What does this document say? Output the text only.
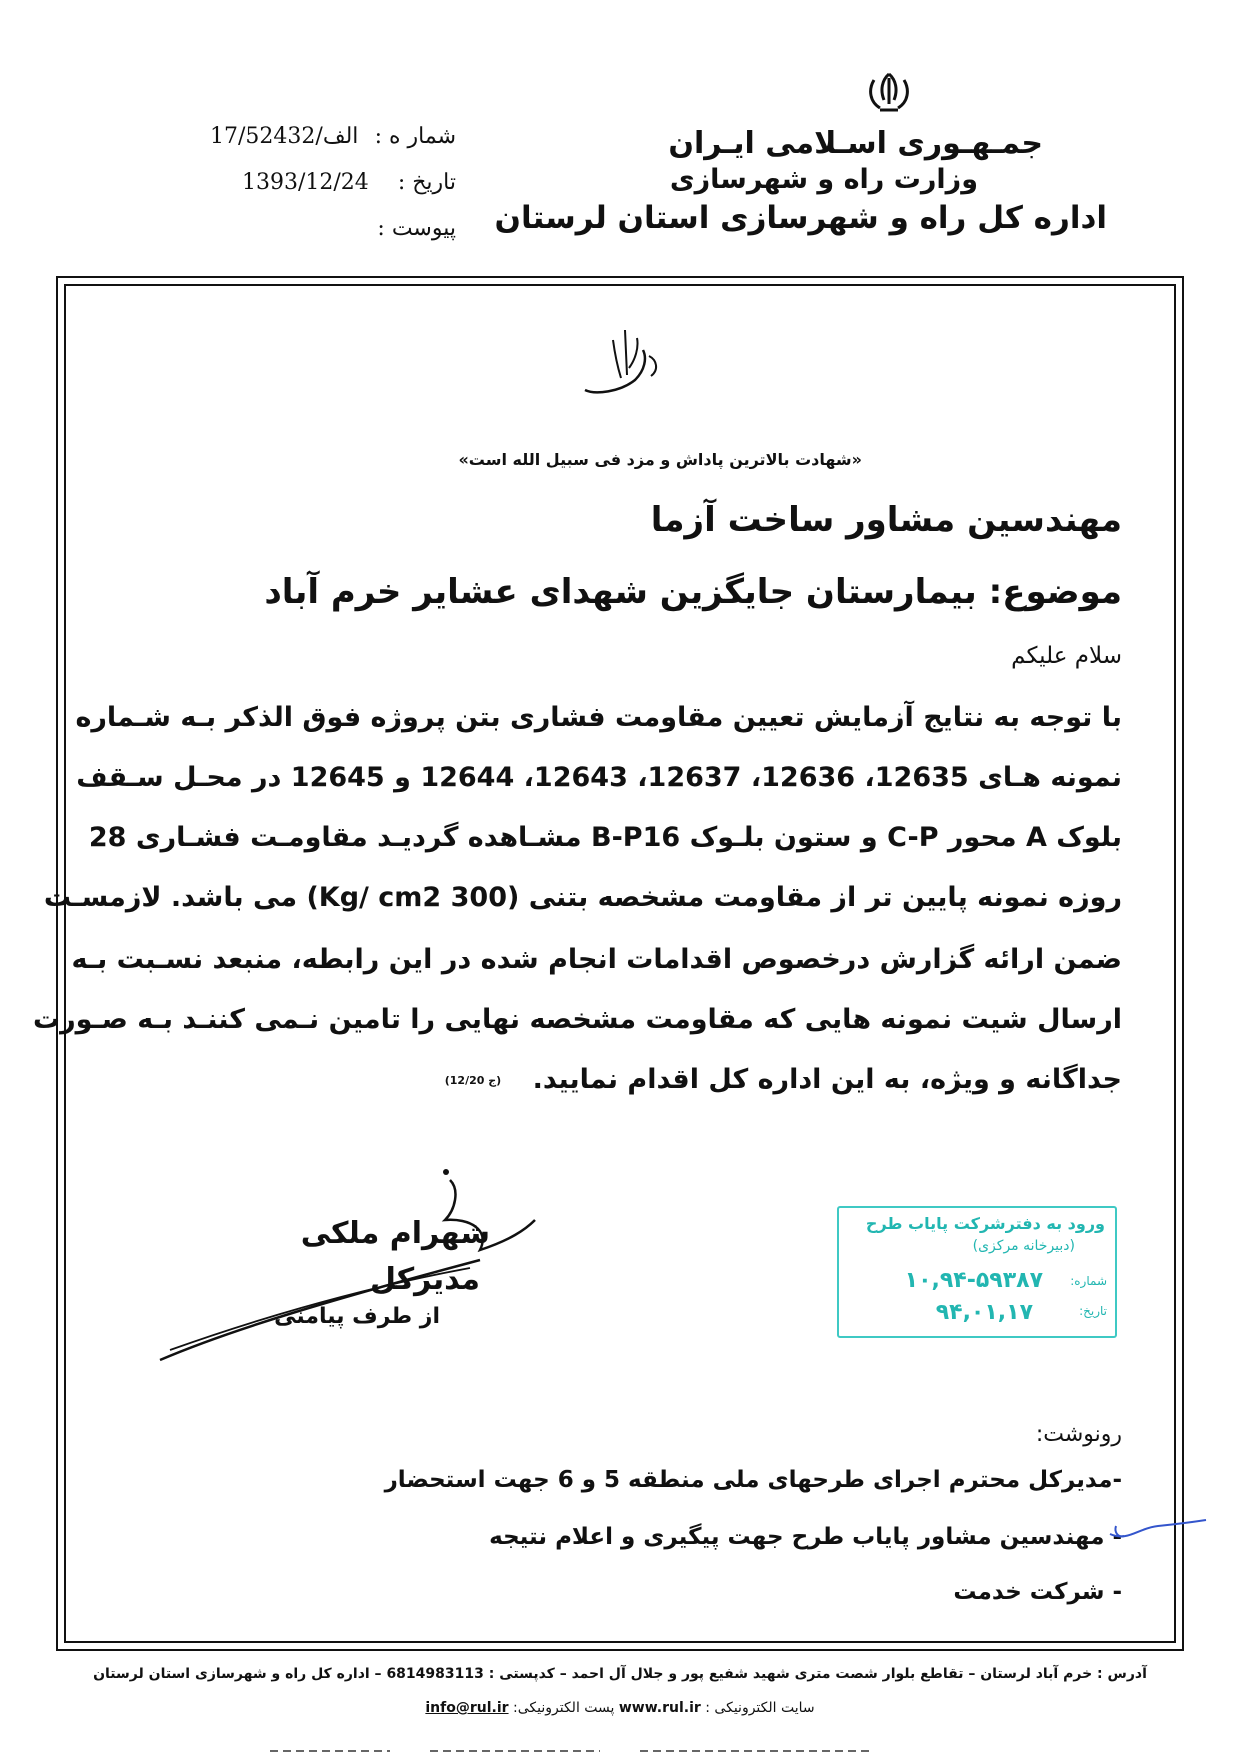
جمـهـوری اسـلامی ایـران
وزارت راه و شهرسازی
اداره کل راه و شهرسازی استان لرستان
شمار ه :
17/52432/الف
تاریخ :
1393/12/24
پیوست :
«شهادت بالاترین پاداش و مزد فی سبیل الله است»
مهندسین مشاور ساخت آزما
موضوع: بیمارستان جایگزین شهدای عشایر خرم آباد
سلام علیکم
با توجه به نتایج آزمایش تعیین مقاومت فشاری بتن پروژه فوق الذکر بـه شـماره
نمونه هـای 12635، 12636، 12637، 12643، 12644 و 12645 در محـل سـقف
بلوک A محور C-P و ستون بلـوک B-P16 مشـاهده گردیـد مقاومـت فشـاری 28
روزه نمونه پایین تر از مقاومت مشخصه بتنی (300 Kg/ cm2) می باشد. لازمسـت
ضمن ارائه گزارش درخصوص اقدامات انجام شده در این رابطه، منبعد نسـبت بـه
ارسال شیت نمونه هایی که مقاومت مشخصه نهایی را تامین نـمی کننـد بـه صـورت
جداگانه و ویژه، به این اداره کل اقدام نمایید. (ج 12/20)
شهرام ملکی
مدیرکل
از طرف پیامنی
ورود به دفترشرکت پایاب طرح
(دبیرخانه مرکزی)
شماره:
۱۰,۹۴-۵۹۳۸۷
تاریخ:
۹۴,۰۱,۱۷
رونوشت:
-مدیرکل محترم اجرای طرحهای ملی منطقه 5 و 6 جهت استحضار
- مهندسین مشاور پایاب طرح جهت پیگیری و اعلام نتیجه
- شرکت خدمت
آدرس : خرم آباد لرستان – تقاطع بلوار شصت متری شهید شفیع پور و جلال آل احمد – کدپستی : 6814983113 – اداره کل راه و شهرسازی استان لرستان
سایت الکترونیکی : www.rul.ir پست الکترونیکی: info@rul.ir
